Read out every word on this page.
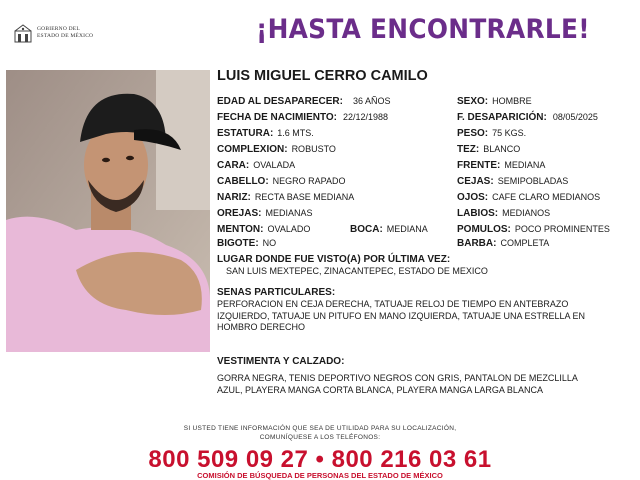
GOBIERNO DEL
ESTADO DE MÉXICO	¡HASTA ENCONTRARLE!
LUIS MIGUEL CERRO CAMILO
EDAD AL DESAPARECER: 36 AÑOS
FECHA DE NACIMIENTO: 22/12/1988
ESTATURA: 1.6 MTS.
COMPLEXION: ROBUSTO
CARA: OVALADA
CABELLO: NEGRO RAPADO
NARIZ: RECTA BASE MEDIANA
OREJAS: MEDIANAS
MENTON: OVALADO	BOCA: MEDIANA
BIGOTE: NO
SEXO: HOMBRE
F. DESAPARICIÓN: 08/05/2025
PESO: 75 KGS.
TEZ: BLANCO
FRENTE: MEDIANA
CEJAS: SEMIPOBLADAS
OJOS: CAFE CLARO MEDIANOS
LABIOS: MEDIANOS
POMULOS: POCO PROMINENTES
BARBA: COMPLETA
LUGAR DONDE FUE VISTO(A) POR ÚLTIMA VEZ:
SAN LUIS MEXTEPEC, ZINACANTEPEC, ESTADO DE MEXICO
SENAS PARTICULARES:
PERFORACION EN CEJA DERECHA, TATUAJE RELOJ DE TIEMPO EN ANTEBRAZO IZQUIERDO, TATUAJE UN PITUFO EN MANO IZQUIERDA, TATUAJE UNA ESTRELLA EN HOMBRO DERECHO
VESTIMENTA Y CALZADO:
GORRA NEGRA, TENIS DEPORTIVO NEGROS CON GRIS, PANTALON DE MEZCLILLA AZUL, PLAYERA MANGA CORTA BLANCA, PLAYERA MANGA LARGA BLANCA
SI USTED TIENE INFORMACIÓN QUE SEA DE UTILIDAD PARA SU LOCALIZACIÓN,
COMUNÍQUESE A LOS TELÉFONOS:
800 509 09 27 • 800 216 03 61
COMISIÓN DE BÚSQUEDA DE PERSONAS DEL ESTADO DE MÉXICO
